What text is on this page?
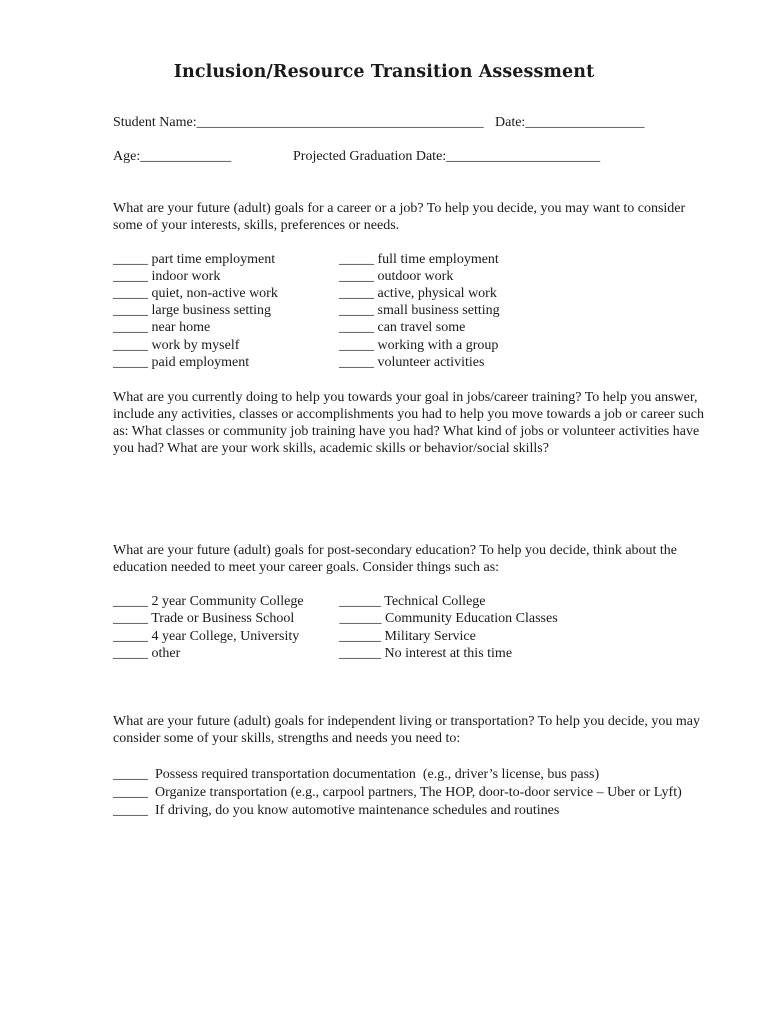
Inclusion/Resource Transition Assessment
Student Name:_________________________________________ Date:_________________
Age:_____________	Projected Graduation Date:______________________
What are your future (adult) goals for a career or a job? To help you decide, you may want to consider
some of your interests, skills, preferences or needs.
_____ part time employment
_____ indoor work
_____ quiet, non-active work
_____ large business setting
_____ near home
_____ work by myself
_____ paid employment
_____ full time employment
_____ outdoor work
_____ active, physical work
_____ small business setting
_____ can travel some
_____ working with a group
_____ volunteer activities
What are you currently doing to help you towards your goal in jobs/career training? To help you answer,
include any activities, classes or accomplishments you had to help you move towards a job or career such
as: What classes or community job training have you had? What kind of jobs or volunteer activities have
you had? What are your work skills, academic skills or behavior/social skills?
What are your future (adult) goals for post-secondary education? To help you decide, think about the
education needed to meet your career goals. Consider things such as:
_____ 2 year Community College
_____ Trade or Business School
_____ 4 year College, University
_____ other
______ Technical College
______ Community Education Classes
______ Military Service
______ No interest at this time
What are your future (adult) goals for independent living or transportation? To help you decide, you may
consider some of your skills, strengths and needs you need to:
_____  Possess required transportation documentation  (e.g., driver’s license, bus pass)
_____  Organize transportation (e.g., carpool partners, The HOP, door-to-door service – Uber or Lyft)
_____  If driving, do you know automotive maintenance schedules and routines
